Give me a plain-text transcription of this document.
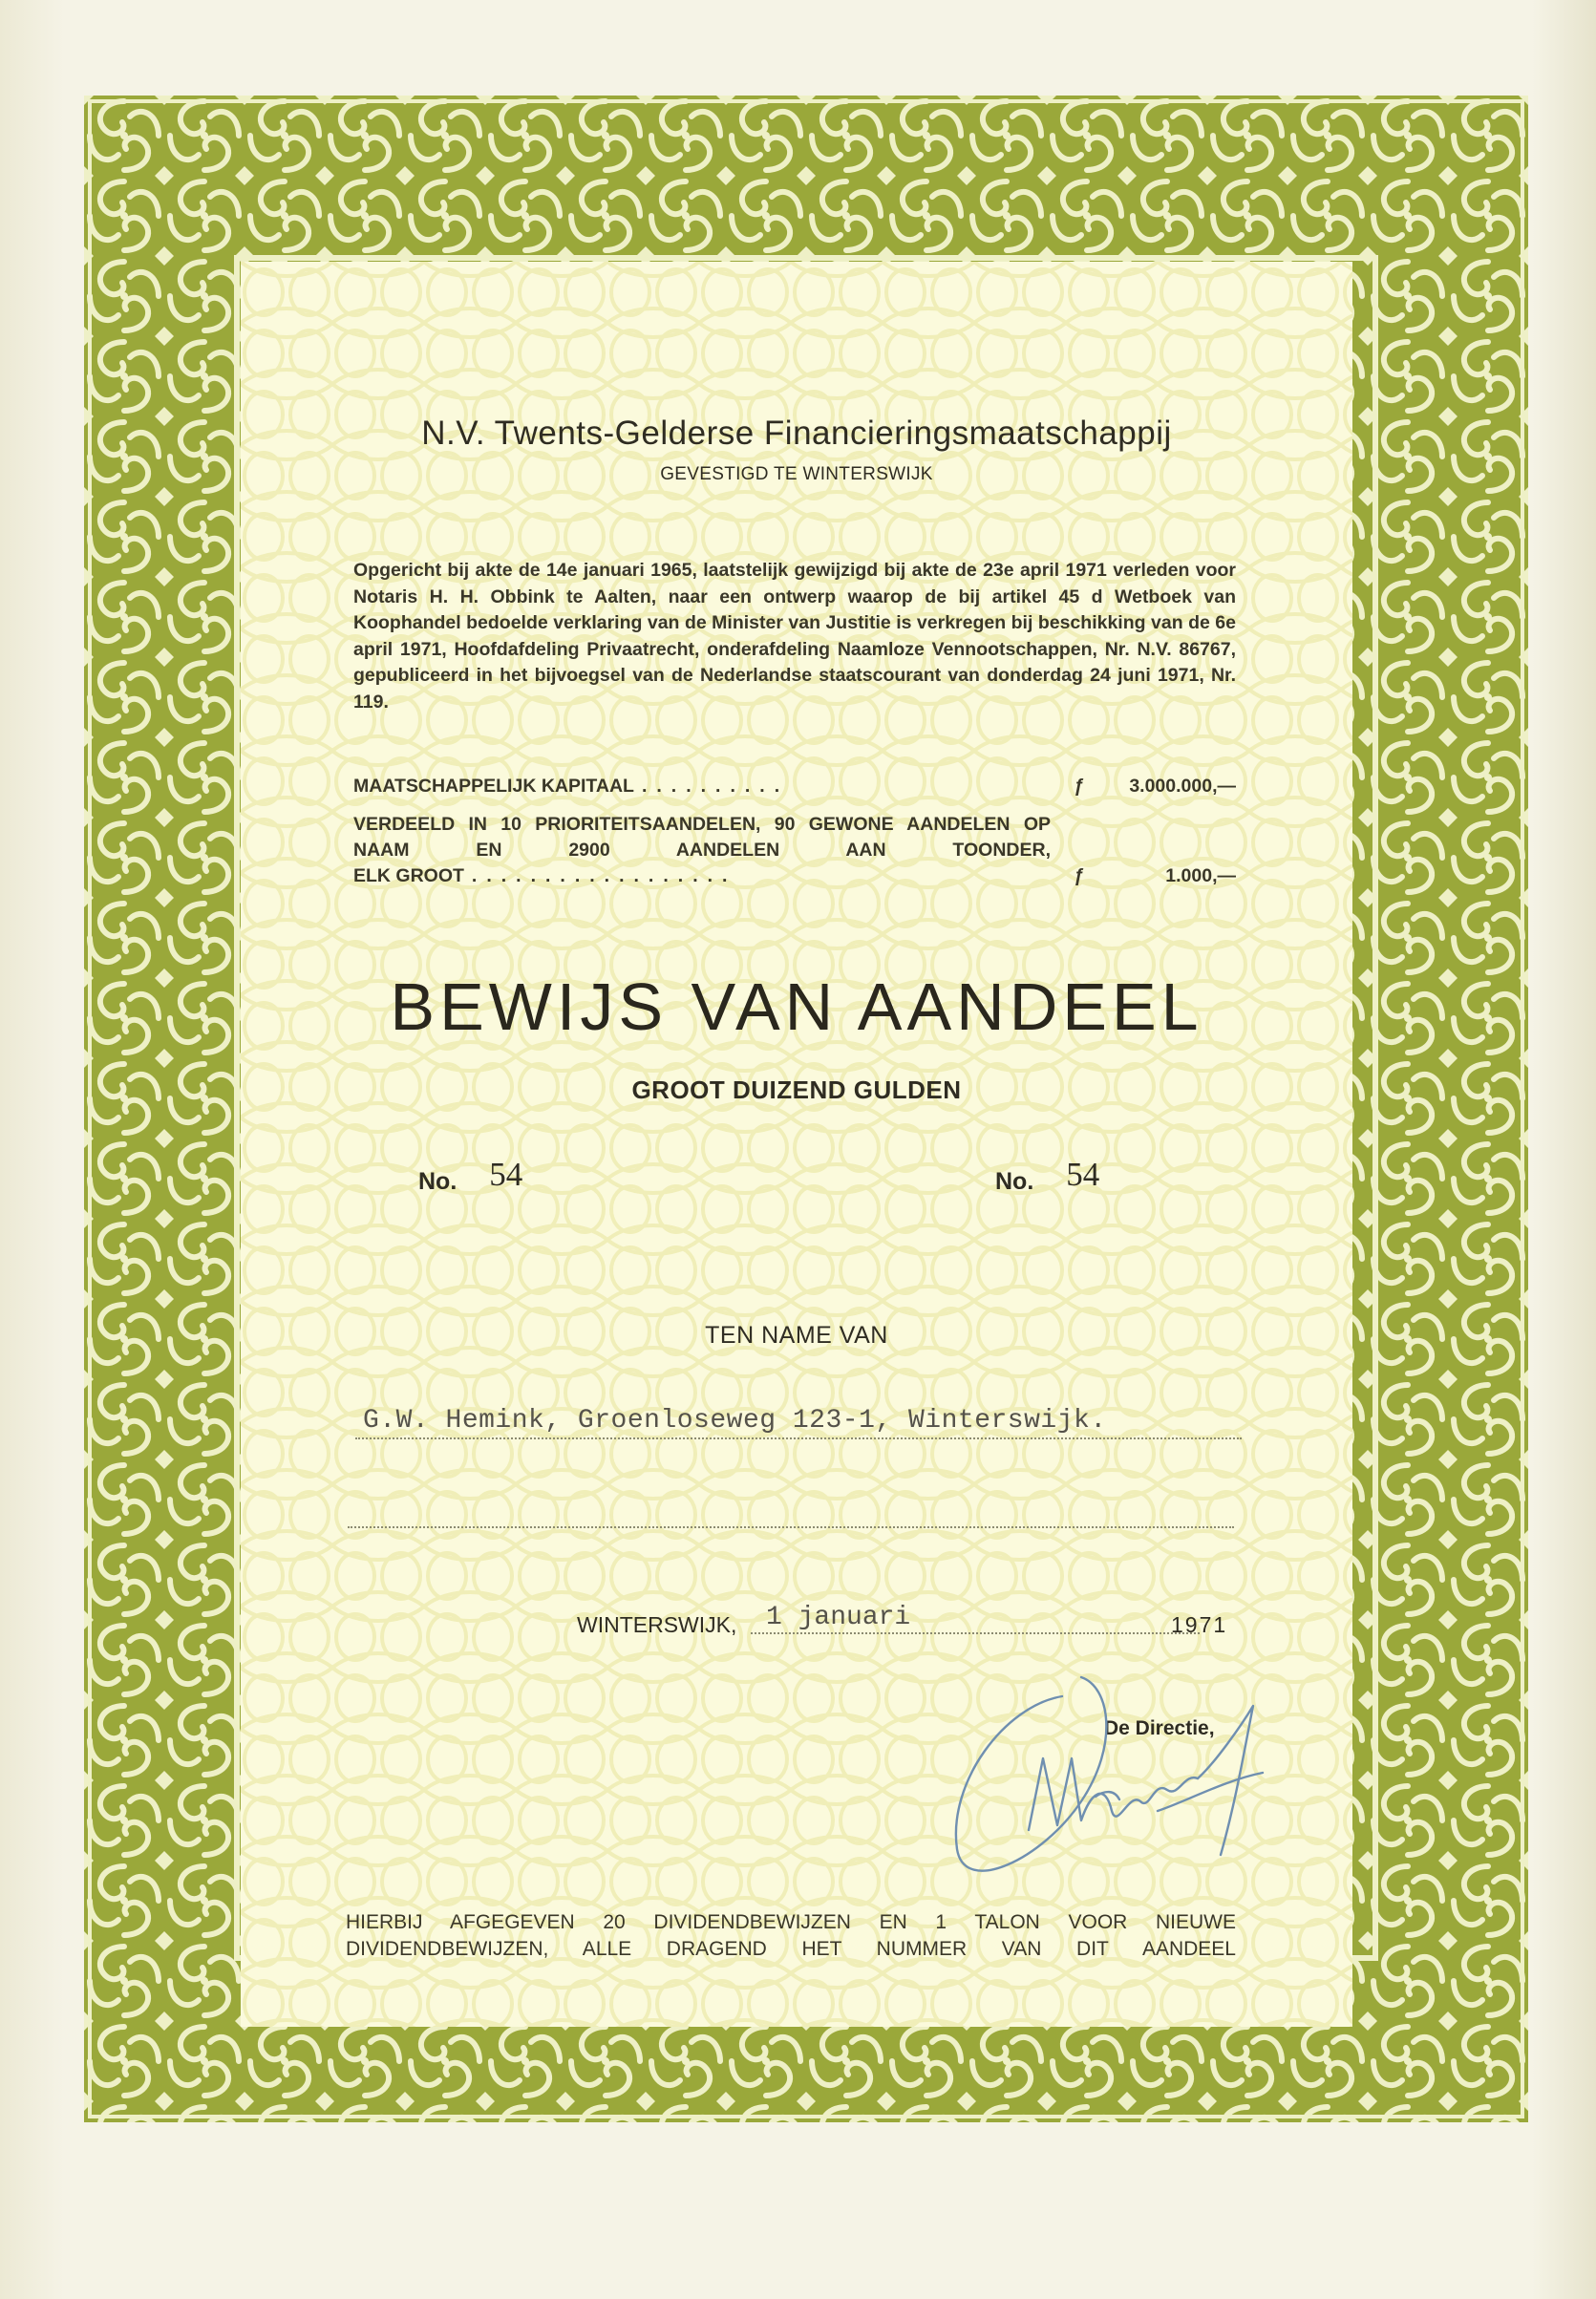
N.V. Twents-Gelderse Financieringsmaatschappij
GEVESTIGD TE WINTERSWIJK
Opgericht bij akte de 14e januari 1965, laatstelijk gewijzigd bij akte de 23e april 1971 verleden voor Notaris H. H. Obbink te Aalten, naar een ontwerp waarop de bij artikel 45 d Wetboek van Koophandel bedoelde verklaring van de Minister van Justitie is verkregen bij beschikking van de 6e april 1971, Hoofdafdeling Privaatrecht, onderafdeling Naamloze Vennootschappen, Nr. N.V. 86767, gepubliceerd in het bijvoegsel van de Nederlandse staatscourant van donderdag 24 juni 1971, Nr. 119.
MAATSCHAPPELIJK KAPITAAL ..........	ƒ 3.000.000,—
VERDEELD IN 10 PRIORITEITSAANDELEN, 90 GEWONE AANDELEN OP NAAM EN 2900 AANDELEN AAN TOONDER,
ELK GROOT ..................	ƒ	1.000,—
BEWIJS VAN AANDEEL
GROOT DUIZEND GULDEN
No. 54	No. 54
TEN NAME VAN
G.W. Hemink, Groenloseweg 123-1, Winterswijk.
WINTERSWIJK,	1 januari	1971
De Directie,
HIERBIJ AFGEGEVEN 20 DIVIDENDBEWIJZEN EN 1 TALON VOOR NIEUWE
DIVIDENDBEWIJZEN, ALLE DRAGEND HET NUMMER VAN DIT AANDEEL
